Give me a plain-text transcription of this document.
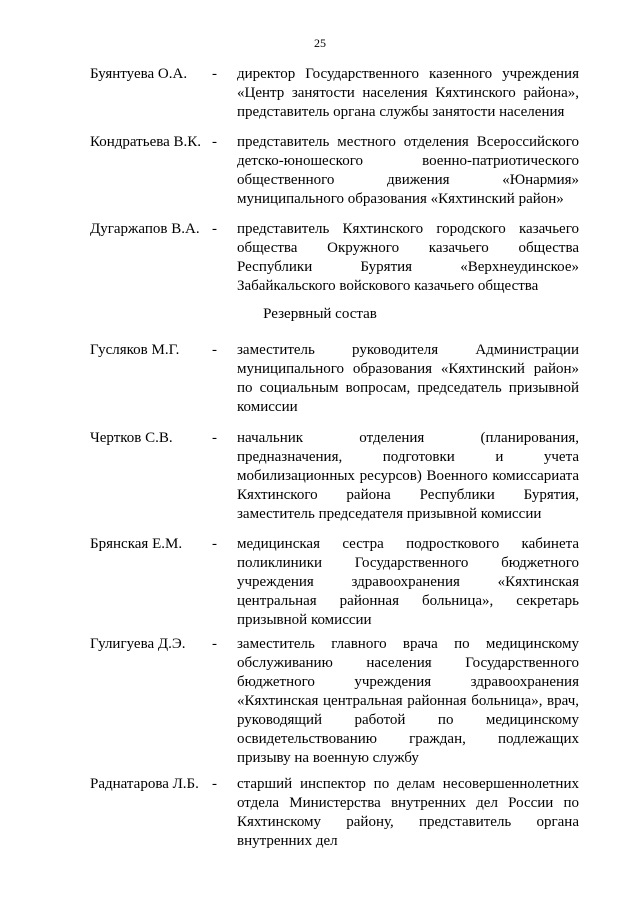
25
Буянтуева О.А.	-	директор Государственного казенного учреждения «Центр занятости населения Кяхтинского района», представитель органа службы занятости населения
Кондратьева В.К. -	представитель местного отделения Всероссийского детско-юношеского военно-патриотического общественного движения «Юнармия» муниципального образования «Кяхтинский район»
Дугаржапов В.А. -	представитель Кяхтинского городского казачьего общества Окружного казачьего общества Республики Бурятия «Верхнеудинское» Забайкальского войскового казачьего общества
Резервный состав
Гусляков М.Г.	-	заместитель руководителя Администрации муниципального образования «Кяхтинский район» по социальным вопросам, председатель призывной комиссии
Чертков С.В.	-	начальник отделения (планирования, предназначения, подготовки и учета мобилизационных ресурсов) Военного комиссариата Кяхтинского района Республики Бурятия, заместитель председателя призывной комиссии
Брянская Е.М.	-	медицинская сестра подросткового кабинета поликлиники Государственного бюджетного учреждения здравоохранения «Кяхтинская центральная районная больница», секретарь призывной комиссии
Гулигуева Д.Э.	-	заместитель главного врача по медицинскому обслуживанию населения Государственного бюджетного учреждения здравоохранения «Кяхтинская центральная районная больница», врач, руководящий работой по медицинскому освидетельствованию граждан, подлежащих призыву на военную службу
Раднатарова Л.Б. -	старший инспектор по делам несовершеннолетних отдела Министерства внутренних дел России по Кяхтинскому району, представитель органа внутренних дел
